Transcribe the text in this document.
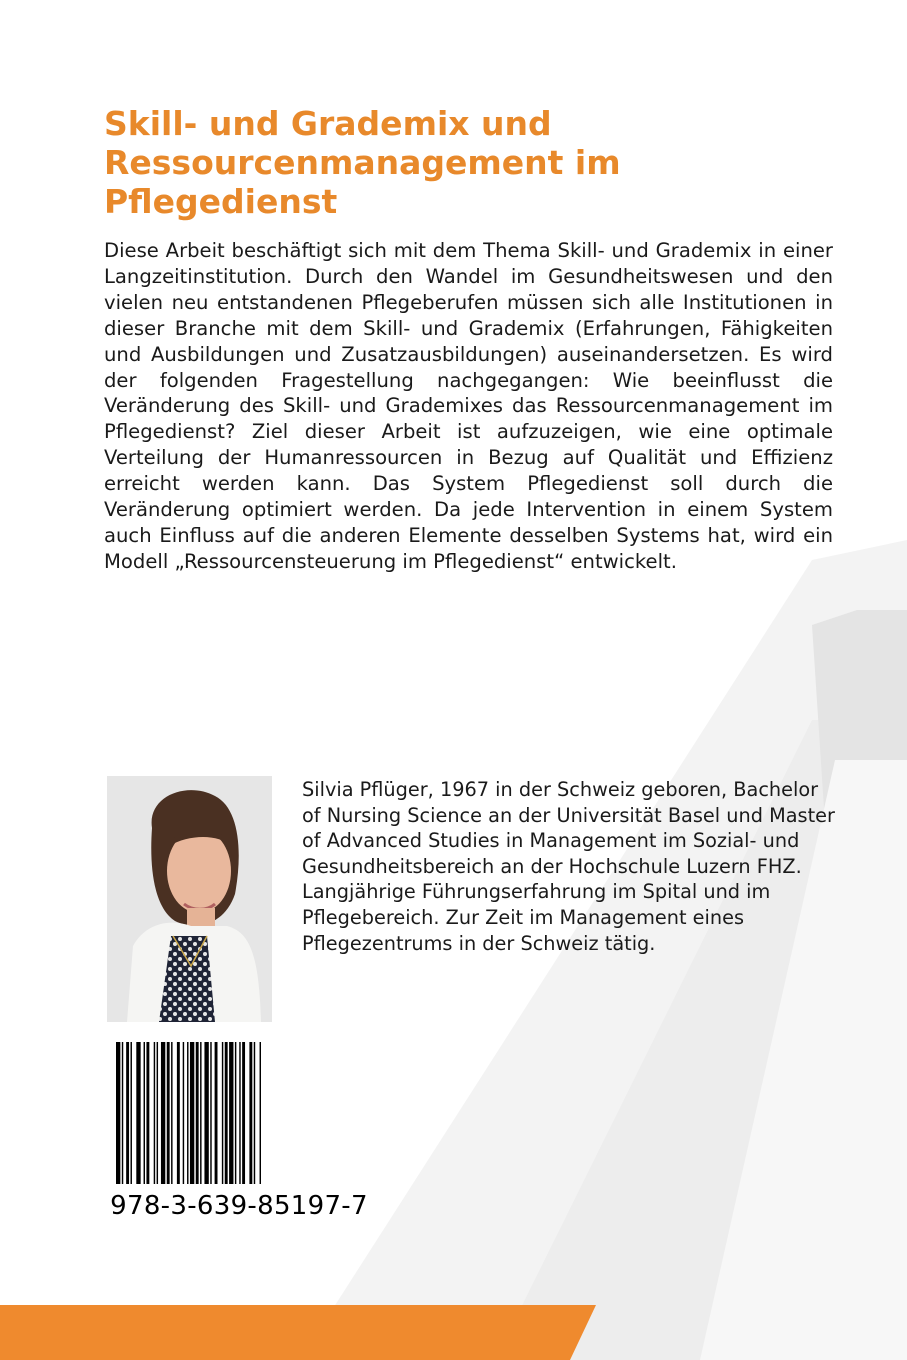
Skill- und Grademix und Ressourcenmanagement im Pflegedienst

Diese Arbeit beschäftigt sich mit dem Thema Skill- und Grademix in einer Langzeitinstitution. Durch den Wandel im Gesundheitswesen und den vielen neu entstandenen Pflegeberufen müssen sich alle Institutionen in dieser Branche mit dem Skill- und Grademix (Erfahrungen, Fähigkeiten und Ausbildungen und Zusatzausbildungen) auseinandersetzen. Es wird der folgenden Fragestellung nachgegangen: Wie beeinflusst die Veränderung des Skill- und Grademixes das Ressourcenmanagement im Pflegedienst? Ziel dieser Arbeit ist aufzuzeigen, wie eine optimale Verteilung der Humanressourcen in Bezug auf Qualität und Effizienz erreicht werden kann. Das System Pflegedienst soll durch die Veränderung optimiert werden. Da jede Intervention in einem System auch Einfluss auf die anderen Elemente desselben Systems hat, wird ein Modell „Ressourcensteuerung im Pflegedienst“ entwickelt.

Silvia Pflüger, 1967 in der Schweiz geboren, Bachelor of Nursing Science an der Universität Basel und Master of Advanced Studies in Management im Sozial- und Gesundheitsbereich an der Hochschule Luzern FHZ. Langjährige Führungserfahrung im Spital und im Pflegebereich. Zur Zeit im Management eines Pflegezentrums in der Schweiz tätig.

978-3-639-85197-7
